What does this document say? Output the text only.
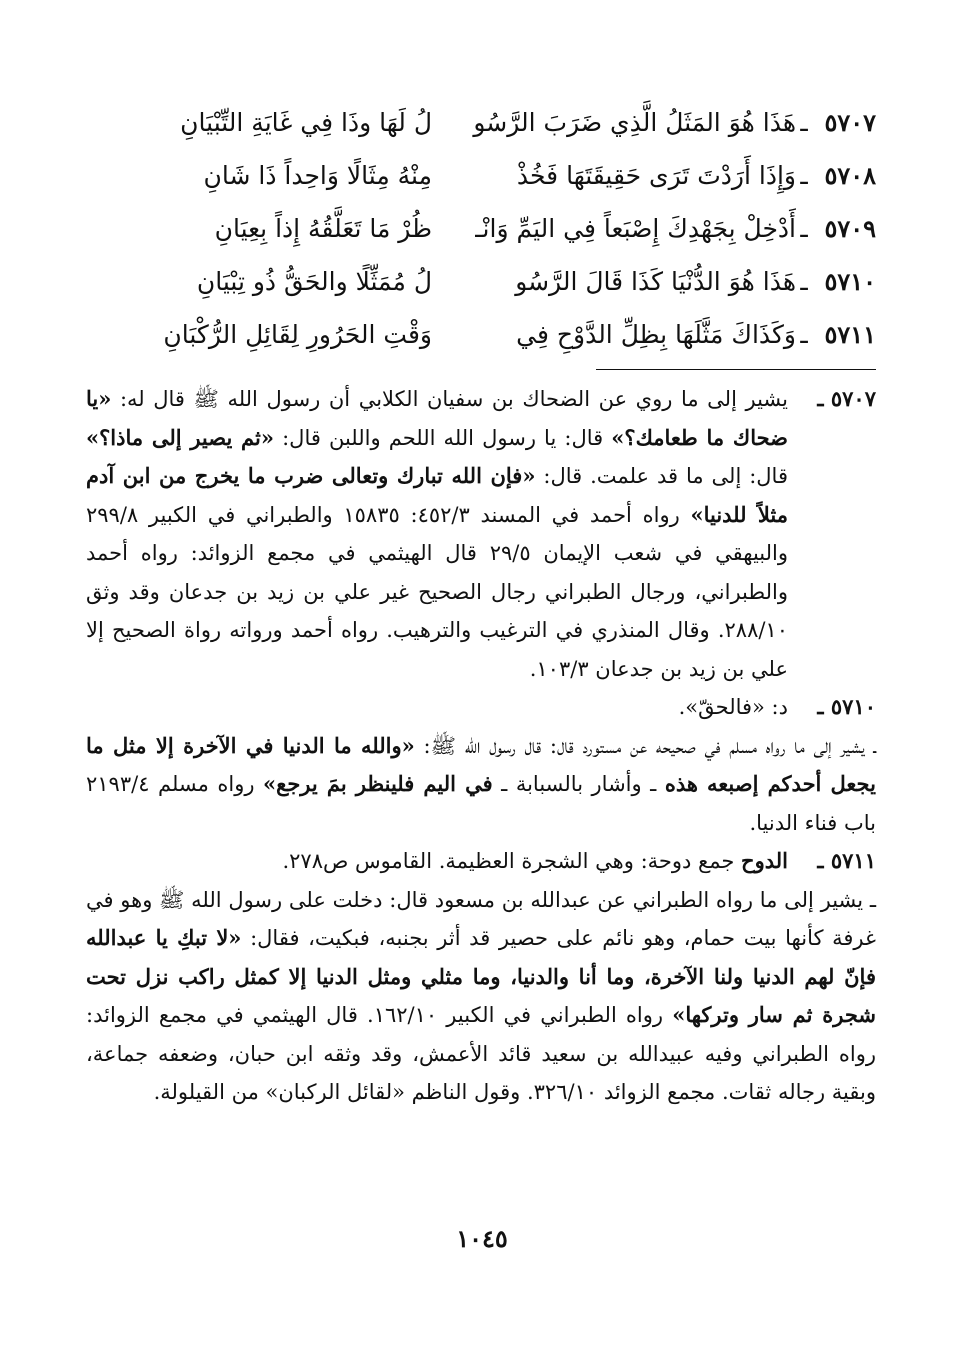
٥٧٠٧
ـ
هَذَا هُوَ المَثَلُ الَّذِي ضَرَبَ الرَّسُو
لُ لَهَا وذَا فِي غَايَةِ التِّبْيَانِ
٥٧٠٨
ـ
وَإِذَا أَرَدْتَ تَرَى حَقِيقَتَهَا فَخُذْ
مِنْهُ مِثَالًا وَاحِداً ذَا شَانِ
٥٧٠٩
ـ
أَدْخِلْ بِجَهْدِكَ إِصْبَعاً فِي اليَمِّ وَانْـ
ظُرْ مَا تَعَلَّقُهُ إِذاً بِعِيَانِ
٥٧١٠
ـ
هَذَا هُوَ الدُّنْيَا كَذَا قَالَ الرَّسُو
لُ مُمَثِّلًا والحَقُّ ذُو تِبْيَانِ
٥٧١١
ـ
وَكَذَاكَ مَثَّلَهَا بِظِلِّ الدَّوْحِ فِي
وَقْتِ الحَرُورِ لِقَائِلِ الرُّكْبَانِ
٥٧٠٧ ـ
يشير إلى ما روي عن الضحاك بن سفيان الكلابي أن رسول الله ﷺ قال له: «يا ضحاك ما طعامك؟» قال: يا رسول الله اللحم واللبن قال: «ثم يصير إلى ماذا؟» قال: إلى ما قد علمت. قال: «فإن الله تبارك وتعالى ضرب ما يخرج من ابن آدم مثلاً للدنيا» رواه أحمد في المسند ٤٥٢/٣: ١٥٨٣٥ والطبراني في الكبير ٢٩٩/٨ والبيهقي في شعب الإيمان ٢٩/٥ قال الهيثمي في مجمع الزوائد: رواه أحمد والطبراني، ورجال الطبراني رجال الصحيح غير علي بن زيد بن جدعان وقد وثق ٢٨٨/١٠. وقال المنذري في الترغيب والترهيب. رواه أحمد ورواته رواة الصحيح إلا علي بن زيد بن جدعان ١٠٣/٣.
٥٧١٠ ـ
د: «فالحقّ».
ـ يشير إلى ما رواه مسلم في صحيحه عن مستورد قال: قال رسول الله ﷺ: «والله ما الدنيا في الآخرة إلا مثل ما يجعل أحدكم إصبعه هذه ـ وأشار بالسبابة ـ في اليم فلينظر بمَ يرجع» رواه مسلم ٢١٩٣/٤ باب فناء الدنيا.
٥٧١١ ـ
الدوح جمع دوحة: وهي الشجرة العظيمة. القاموس ص٢٧٨.
ـ يشير إلى ما رواه الطبراني عن عبدالله بن مسعود قال: دخلت على رسول الله ﷺ وهو في غرفة كأنها بيت حمام، وهو نائم على حصير قد أثر بجنبه، فبكيت، فقال: «لا تبكِ يا عبدالله فإنّ لهم الدنيا ولنا الآخرة، وما أنا والدنيا، وما مثلي ومثل الدنيا إلا كمثل راكب نزل تحت شجرة ثم سار وتركها» رواه الطبراني في الكبير ١٦٢/١٠. قال الهيثمي في مجمع الزوائد: رواه الطبراني وفيه عبيدالله بن سعيد قائد الأعمش، وقد وثقه ابن حبان، وضعفه جماعة، وبقية رجاله ثقات. مجمع الزوائد ٣٢٦/١٠. وقول الناظم «لقائل الركبان» من القيلولة.
١٠٤٥
